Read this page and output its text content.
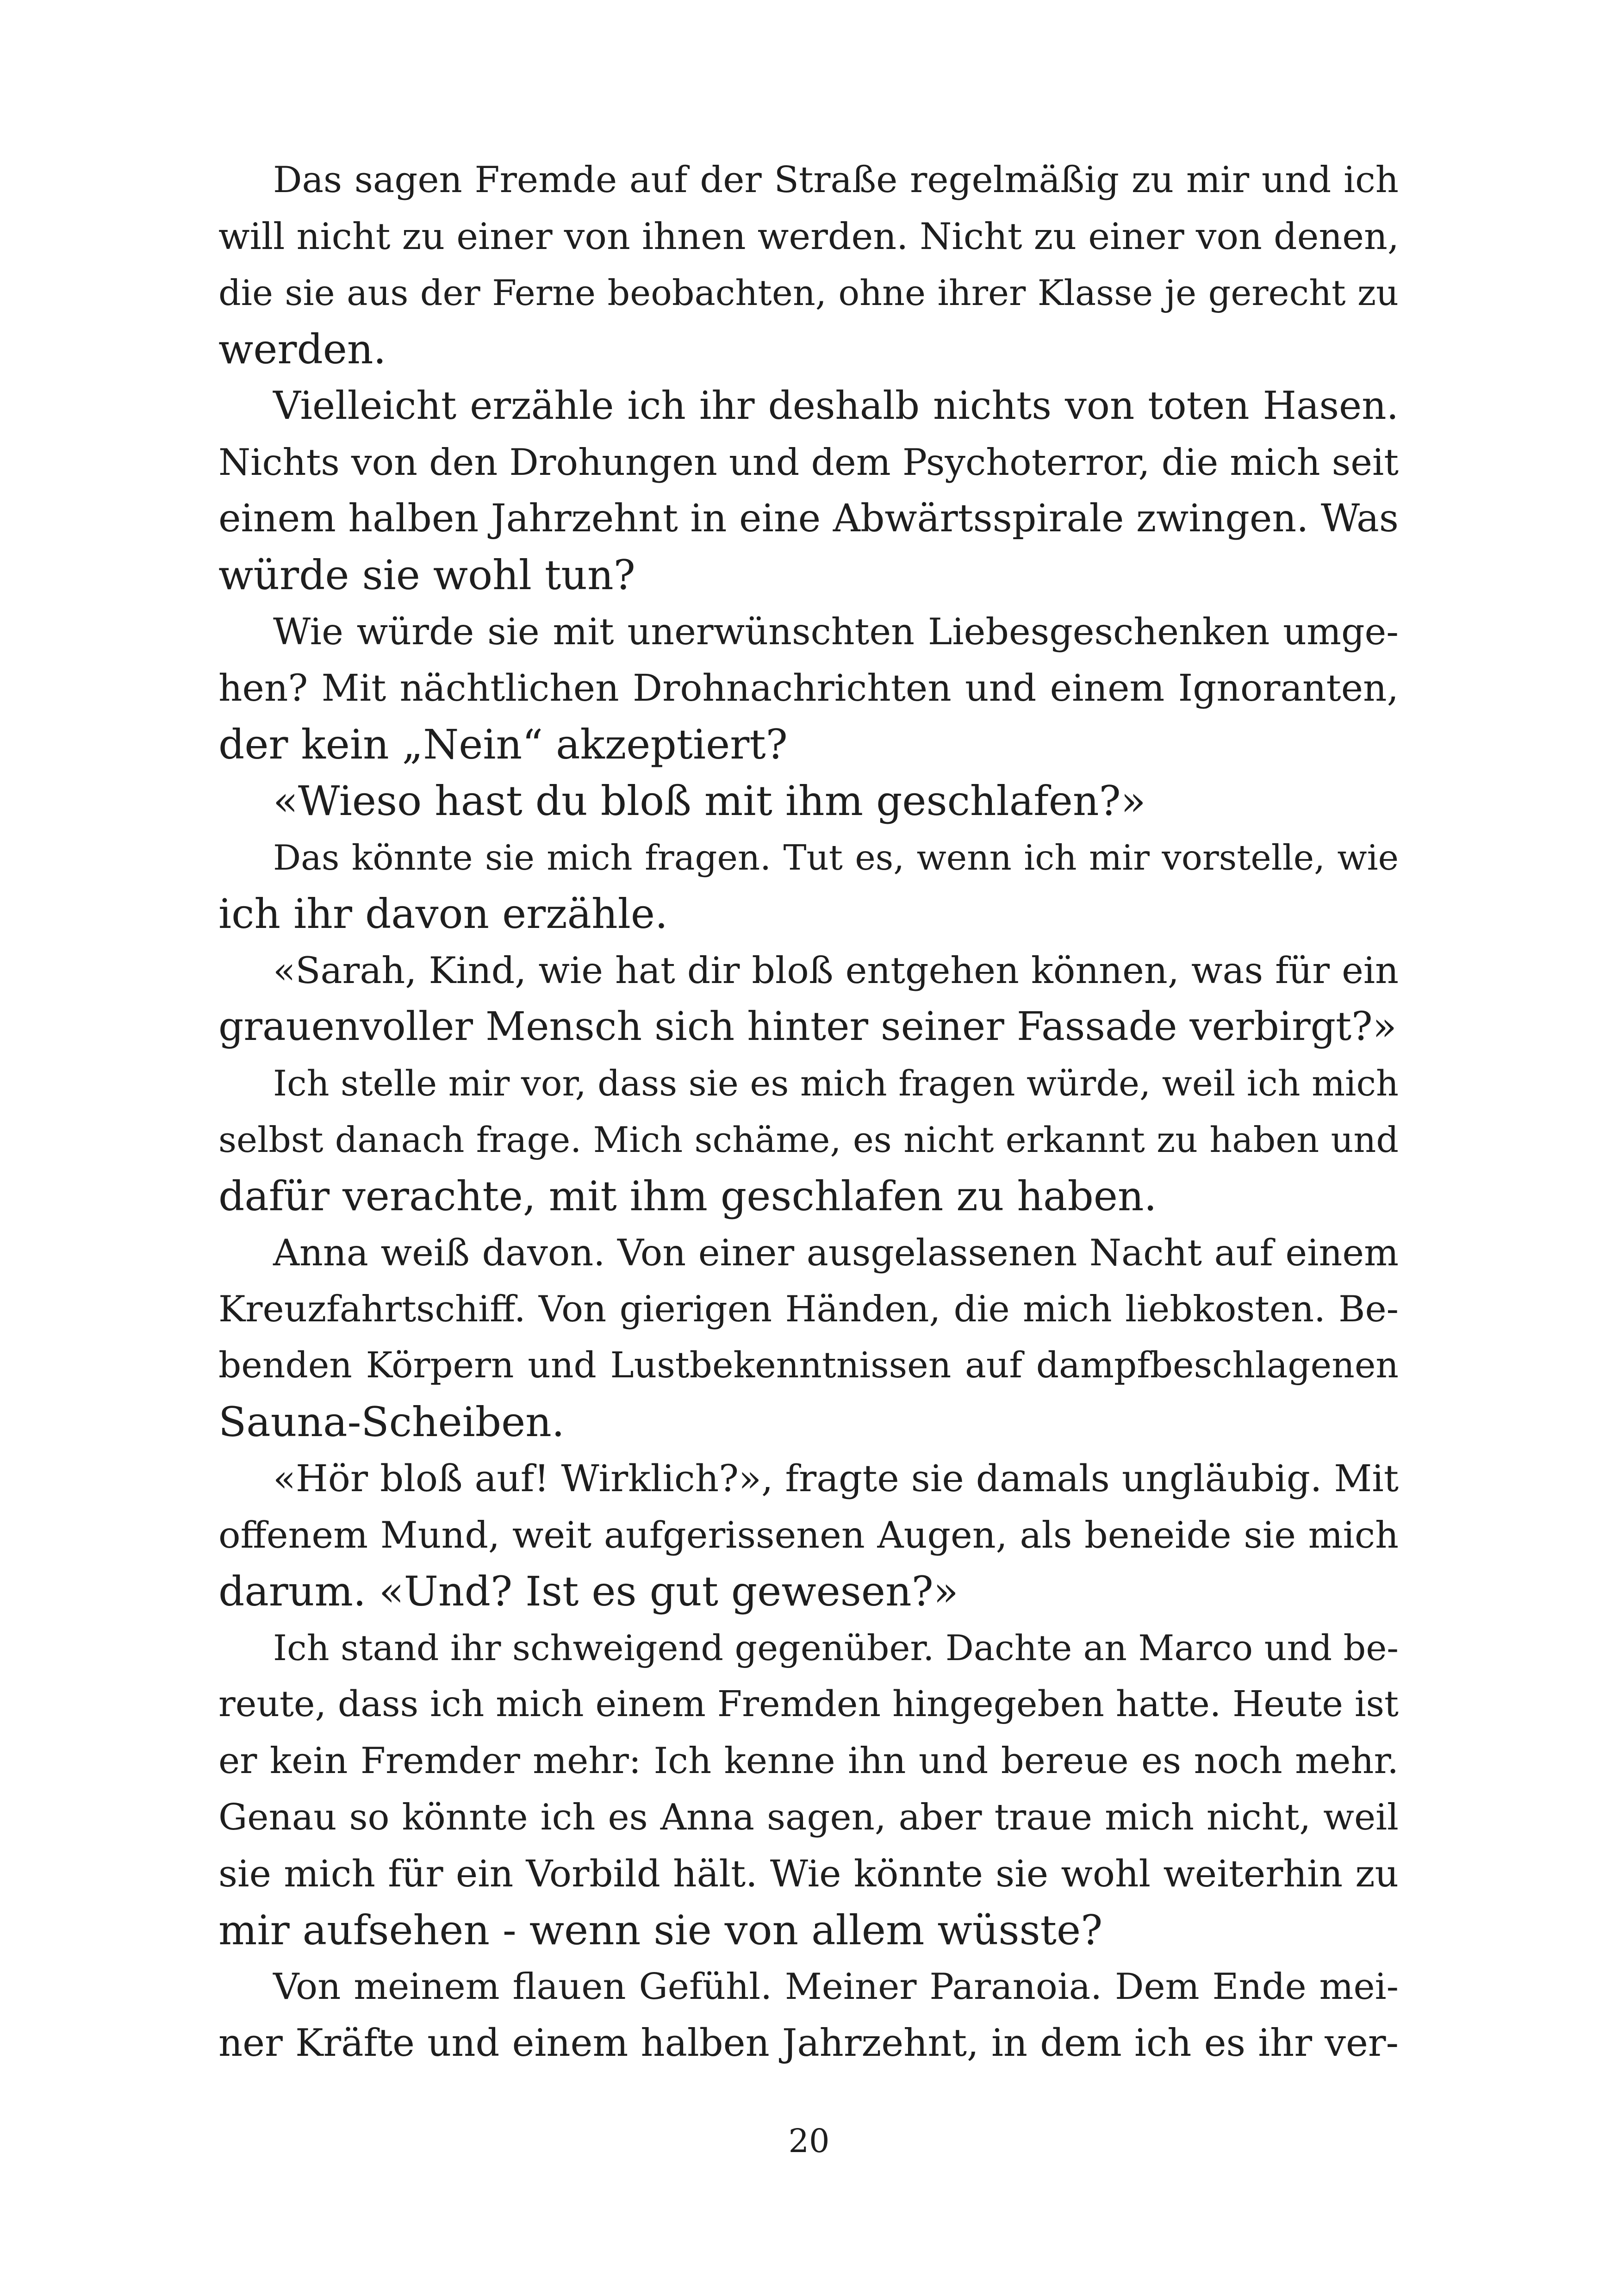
Das sagen Fremde auf der Straße regelmäßig zu mir und ich
will nicht zu einer von ihnen werden. Nicht zu einer von denen,
die sie aus der Ferne beobachten, ohne ihrer Klasse je gerecht zu
werden.
Vielleicht erzähle ich ihr deshalb nichts von toten Hasen.
Nichts von den Drohungen und dem Psychoterror, die mich seit
einem halben Jahrzehnt in eine Abwärtsspirale zwingen. Was
würde sie wohl tun?
Wie würde sie mit unerwünschten Liebesgeschenken umge-
hen? Mit nächtlichen Drohnachrichten und einem Ignoranten,
der kein „Nein“ akzeptiert?
«Wieso hast du bloß mit ihm geschlafen?»
Das könnte sie mich fragen. Tut es, wenn ich mir vorstelle, wie
ich ihr davon erzähle.
«Sarah, Kind, wie hat dir bloß entgehen können, was für ein
grauenvoller Mensch sich hinter seiner Fassade verbirgt?»
Ich stelle mir vor, dass sie es mich fragen würde, weil ich mich
selbst danach frage. Mich schäme, es nicht erkannt zu haben und
dafür verachte, mit ihm geschlafen zu haben.
Anna weiß davon. Von einer ausgelassenen Nacht auf einem
Kreuzfahrtschiff. Von gierigen Händen, die mich liebkosten. Be-
benden Körpern und Lustbekenntnissen auf dampfbeschlagenen
Sauna-Scheiben.
«Hör bloß auf! Wirklich?», fragte sie damals ungläubig. Mit
offenem Mund, weit aufgerissenen Augen, als beneide sie mich
darum. «Und? Ist es gut gewesen?»
Ich stand ihr schweigend gegenüber. Dachte an Marco und be-
reute, dass ich mich einem Fremden hingegeben hatte. Heute ist
er kein Fremder mehr: Ich kenne ihn und bereue es noch mehr.
Genau so könnte ich es Anna sagen, aber traue mich nicht, weil
sie mich für ein Vorbild hält. Wie könnte sie wohl weiterhin zu
mir aufsehen - wenn sie von allem wüsste?
Von meinem flauen Gefühl. Meiner Paranoia. Dem Ende mei-
ner Kräfte und einem halben Jahrzehnt, in dem ich es ihr ver-
20
